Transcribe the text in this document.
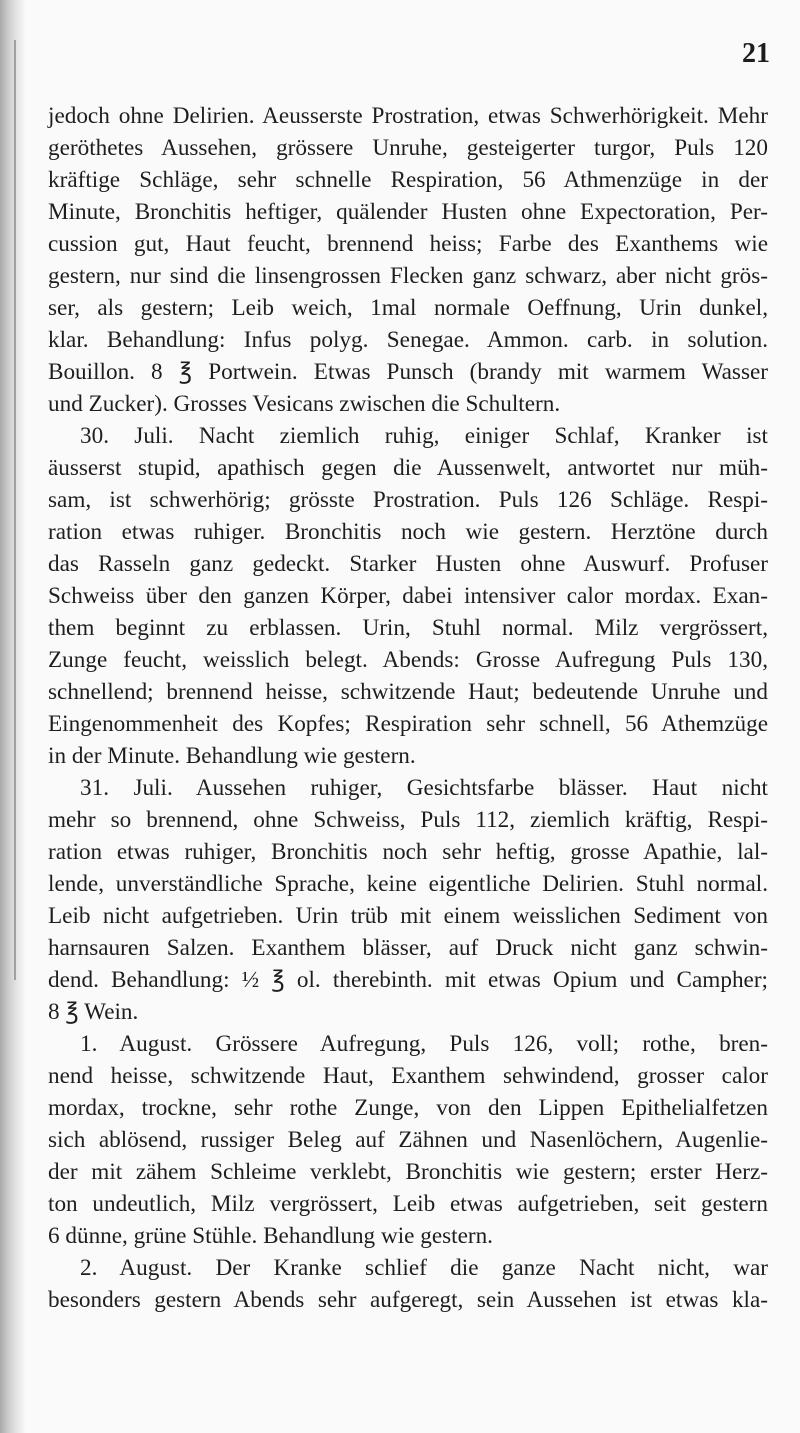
21

jedoch ohne Delirien. Aeusserste Prostration, etwas Schwerhörigkeit. Mehr
geröthetes Aussehen, grössere Unruhe, gesteigerter turgor, Puls 120
kräftige Schläge, sehr schnelle Respiration, 56 Athmenzüge in der
Minute, Bronchitis heftiger, quälender Husten ohne Expectoration, Per-
cussion gut, Haut feucht, brennend heiss; Farbe des Exanthems wie
gestern, nur sind die linsengrossen Flecken ganz schwarz, aber nicht grös-
ser, als gestern; Leib weich, 1mal normale Oeffnung, Urin dunkel,
klar. Behandlung: Infus polyg. Senegae. Ammon. carb. in solution.
Bouillon. 8 ℥ Portwein. Etwas Punsch (brandy mit warmem Wasser
und Zucker). Grosses Vesicans zwischen die Schultern.
30. Juli. Nacht ziemlich ruhig, einiger Schlaf, Kranker ist
äusserst stupid, apathisch gegen die Aussenwelt, antwortet nur müh-
sam, ist schwerhörig; grösste Prostration. Puls 126 Schläge. Respi-
ration etwas ruhiger. Bronchitis noch wie gestern. Herztöne durch
das Rasseln ganz gedeckt. Starker Husten ohne Auswurf. Profuser
Schweiss über den ganzen Körper, dabei intensiver calor mordax. Exan-
them beginnt zu erblassen. Urin, Stuhl normal. Milz vergrössert,
Zunge feucht, weisslich belegt. Abends: Grosse Aufregung Puls 130,
schnellend; brennend heisse, schwitzende Haut; bedeutende Unruhe und
Eingenommenheit des Kopfes; Respiration sehr schnell, 56 Athemzüge
in der Minute. Behandlung wie gestern.
31. Juli. Aussehen ruhiger, Gesichtsfarbe blässer. Haut nicht
mehr so brennend, ohne Schweiss, Puls 112, ziemlich kräftig, Respi-
ration etwas ruhiger, Bronchitis noch sehr heftig, grosse Apathie, lal-
lende, unverständliche Sprache, keine eigentliche Delirien. Stuhl normal.
Leib nicht aufgetrieben. Urin trüb mit einem weisslichen Sediment von
harnsauren Salzen. Exanthem blässer, auf Druck nicht ganz schwin-
dend. Behandlung: ½ ℥ ol. therebinth. mit etwas Opium und Campher;
8 ℥ Wein.
1. August. Grössere Aufregung, Puls 126, voll; rothe, bren-
nend heisse, schwitzende Haut, Exanthem sehwindend, grosser calor
mordax, trockne, sehr rothe Zunge, von den Lippen Epithelialfetzen
sich ablösend, russiger Beleg auf Zähnen und Nasenlöchern, Augenlie-
der mit zähem Schleime verklebt, Bronchitis wie gestern; erster Herz-
ton undeutlich, Milz vergrössert, Leib etwas aufgetrieben, seit gestern
6 dünne, grüne Stühle. Behandlung wie gestern.
2. August. Der Kranke schlief die ganze Nacht nicht, war
besonders gestern Abends sehr aufgeregt, sein Aussehen ist etwas kla-
